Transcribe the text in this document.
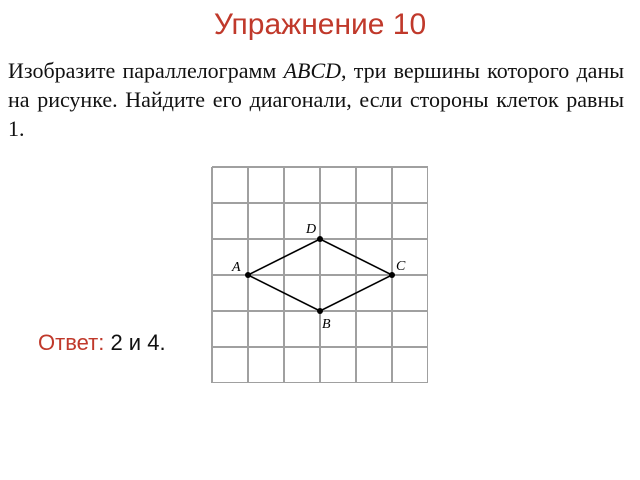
Упражнение 10
Изобразите параллелограмм ABCD, три вершины которого даны на рисунке. Найдите его диагонали, если стороны клеток равны 1.
A
B
C
D
Ответ: 2 и 4.
